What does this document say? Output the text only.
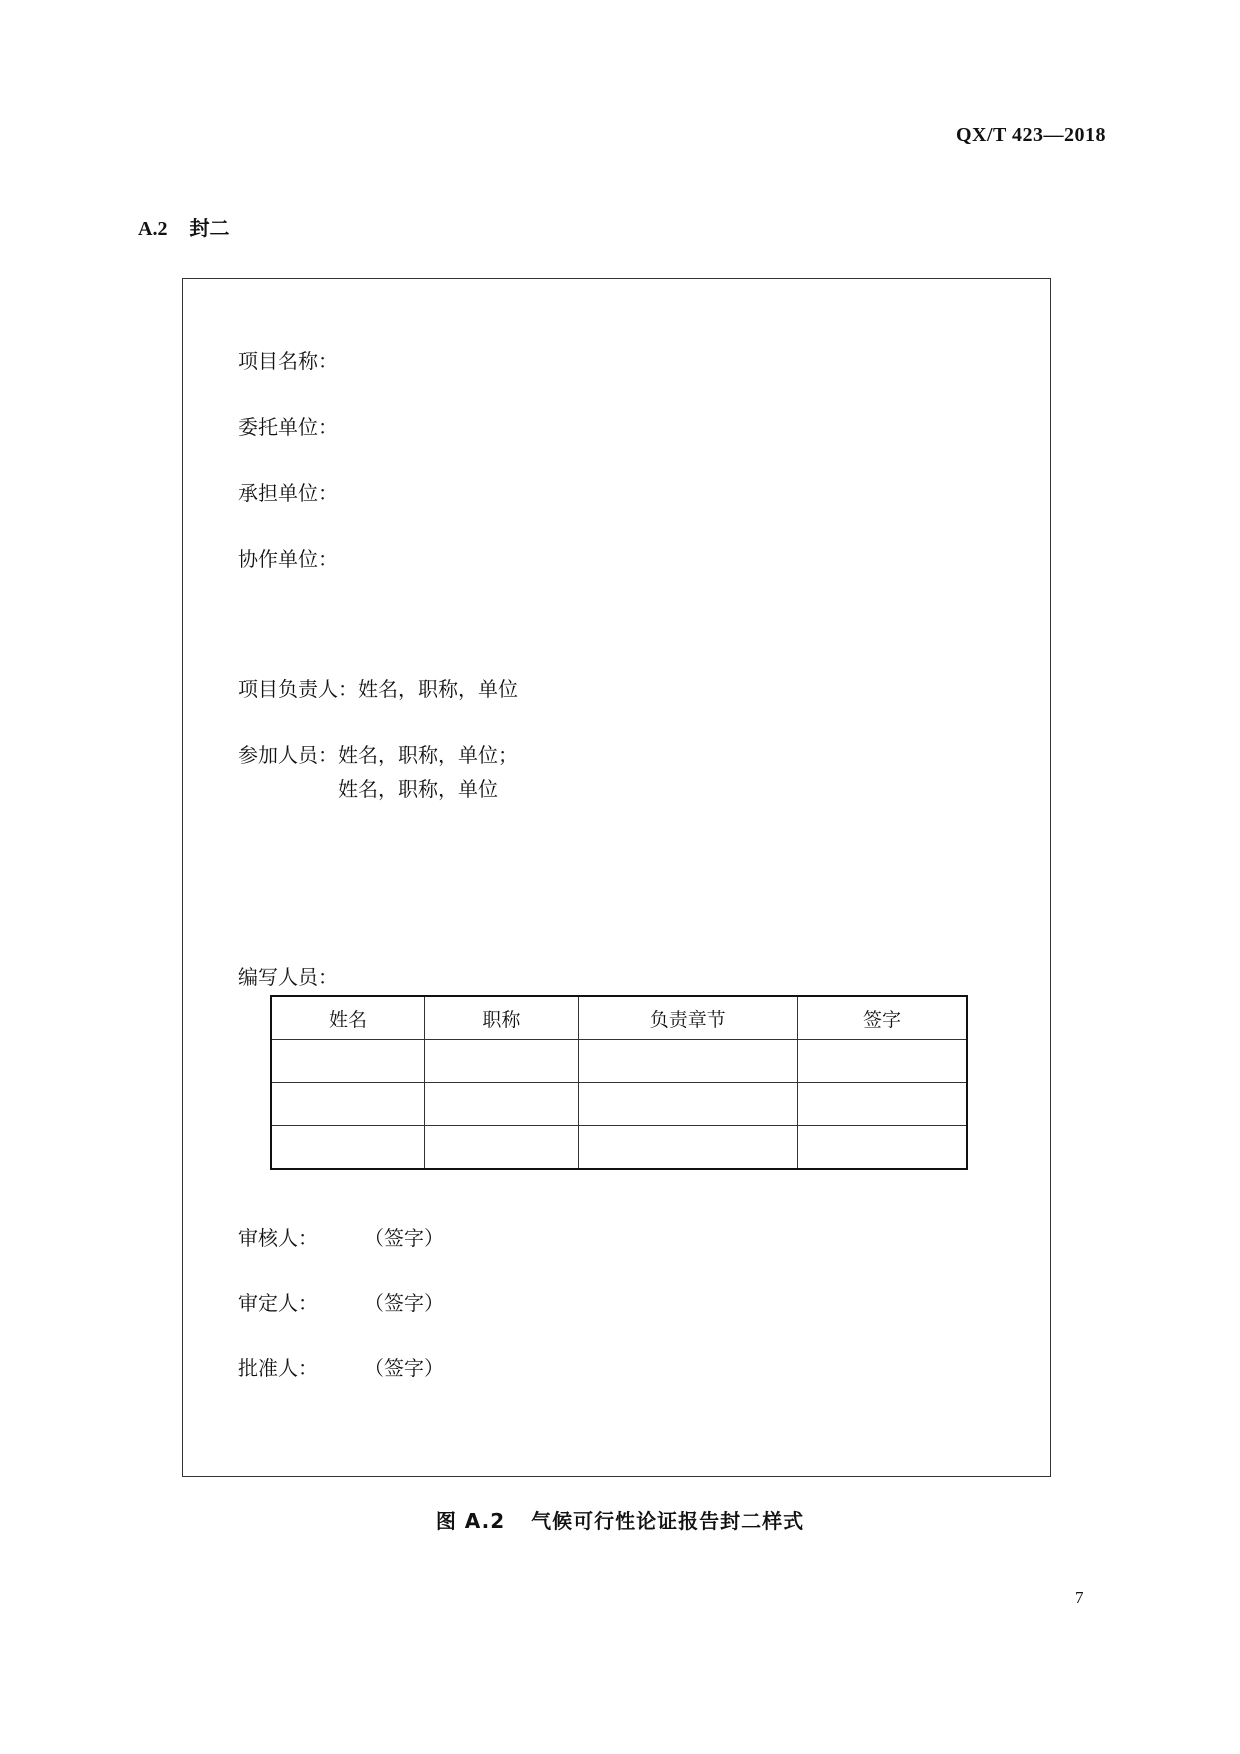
QX/T 423—2018
A.2 封二
项目名称：
委托单位：
承担单位：
协作单位：
项目负责人：姓名，职称，单位
参加人员：姓名，职称，单位；
姓名，职称，单位
编写人员：
姓名	职称	负责章节	签字

审核人： （签字）
审定人： （签字）
批准人： （签字）
图 A.2 气候可行性论证报告封二样式
7
